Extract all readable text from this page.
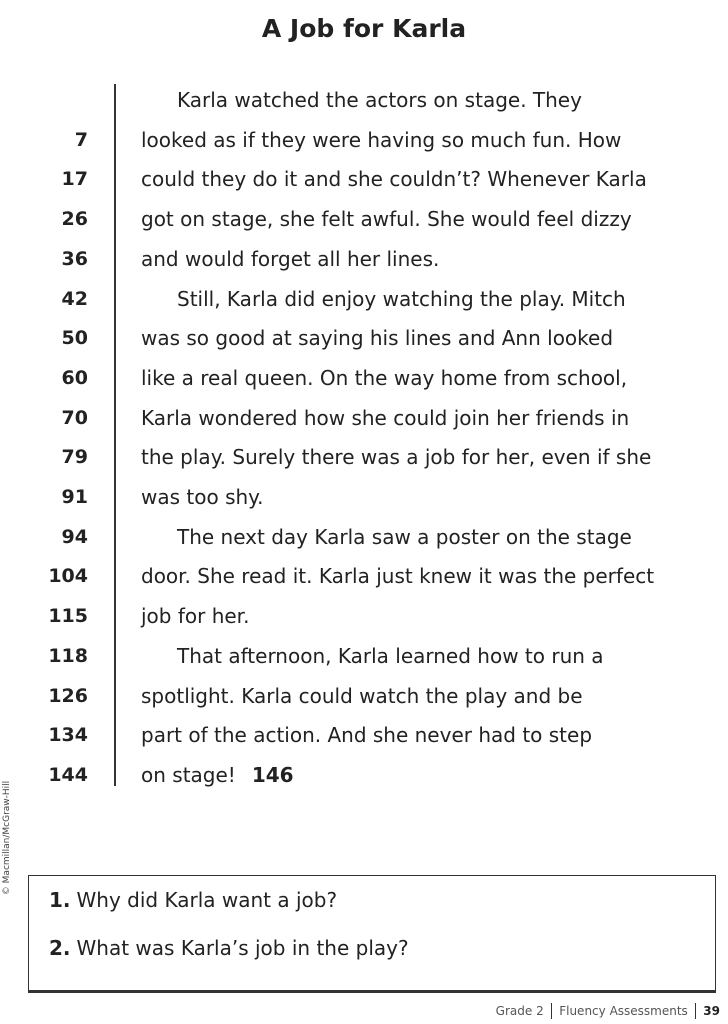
A Job for Karla
Karla watched the actors on stage. They
7	looked as if they were having so much fun. How
17	could they do it and she couldn’t? Whenever Karla
26	got on stage, she felt awful. She would feel dizzy
36	and would forget all her lines.
42	Still, Karla did enjoy watching the play. Mitch
50	was so good at saying his lines and Ann looked
60	like a real queen. On the way home from school,
70	Karla wondered how she could join her friends in
79	the play. Surely there was a job for her, even if she
91	was too shy.
94	The next day Karla saw a poster on the stage
104	door. She read it. Karla just knew it was the perfect
115	job for her.
118	That afternoon, Karla learned how to run a
126	spotlight. Karla could watch the play and be
134	part of the action. And she never had to step
144	on stage! 146
© Macmillan/McGraw-Hill
1. Why did Karla want a job?
2. What was Karla’s job in the play?
Grade 2 Fluency Assessments 39
